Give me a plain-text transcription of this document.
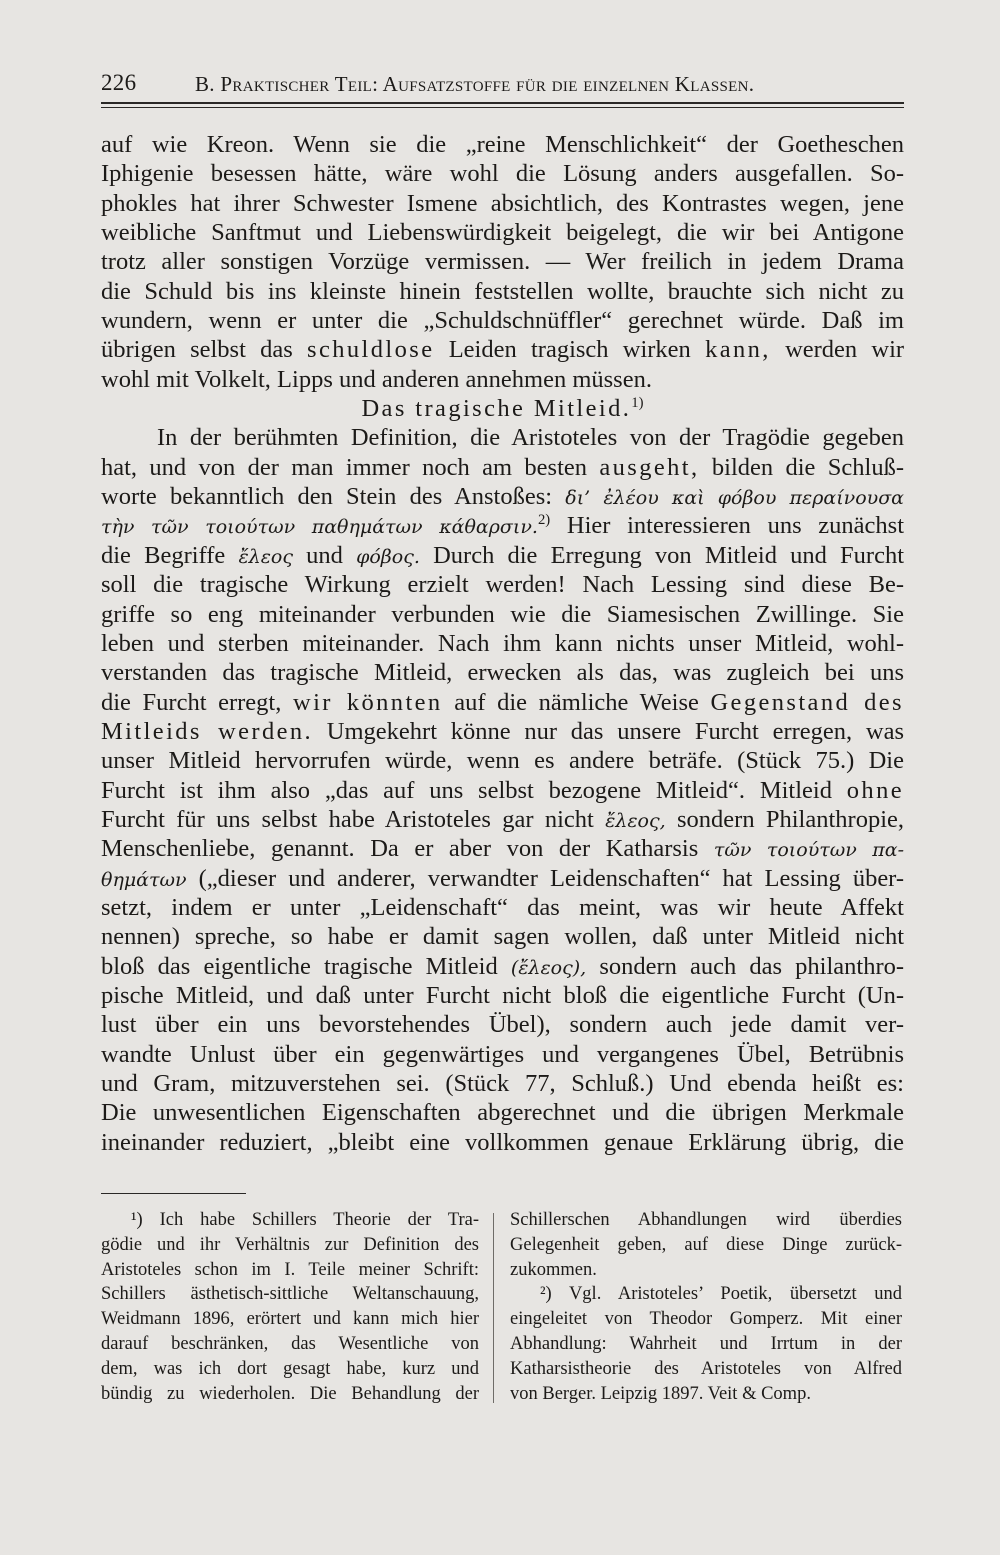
226	B. Praktischer Teil: Aufsatzstoffe für die einzelnen Klassen.
auf wie Kreon. Wenn sie die „reine Menschlichkeit“ der Goetheschen
Iphigenie besessen hätte, wäre wohl die Lösung anders ausgefallen. So-
phokles hat ihrer Schwester Ismene absichtlich, des Kontrastes wegen, jene
weibliche Sanftmut und Liebenswürdigkeit beigelegt, die wir bei Antigone
trotz aller sonstigen Vorzüge vermissen. — Wer freilich in jedem Drama
die Schuld bis ins kleinste hinein feststellen wollte, brauchte sich nicht zu
wundern, wenn er unter die „Schuldschnüffler“ gerechnet würde. Daß im
übrigen selbst das schuldlose Leiden tragisch wirken kann, werden wir
wohl mit Volkelt, Lipps und anderen annehmen müssen.
Das tragische Mitleid.$^{1)}$
In der berühmten Definition, die Aristoteles von der Tragödie gegeben
hat, und von der man immer noch am besten ausgeht, bilden die Schluß-
worte bekanntlich den Stein des Anstoßes: δι’ ἐλέου καὶ φόβου περαίνουσα
τὴν τῶν τοιούτων παθημάτων κάθαρσιν.$^{2)}$ Hier interessieren uns zunächst
die Begriffe ἔλεος und φόβος. Durch die Erregung von Mitleid und Furcht
soll die tragische Wirkung erzielt werden! Nach Lessing sind diese Be-
griffe so eng miteinander verbunden wie die Siamesischen Zwillinge. Sie
leben und sterben miteinander. Nach ihm kann nichts unser Mitleid, wohl-
verstanden das tragische Mitleid, erwecken als das, was zugleich bei uns
die Furcht erregt, wir könnten auf die nämliche Weise Gegenstand des
Mitleids werden. Umgekehrt könne nur das unsere Furcht erregen, was
unser Mitleid hervorrufen würde, wenn es andere beträfe. (Stück 75.) Die
Furcht ist ihm also „das auf uns selbst bezogene Mitleid“. Mitleid ohne
Furcht für uns selbst habe Aristoteles gar nicht ἔλεος, sondern Philanthropie,
Menschenliebe, genannt. Da er aber von der Katharsis τῶν τοιούτων πα-
θημάτων („dieser und anderer, verwandter Leidenschaften“ hat Lessing über-
setzt, indem er unter „Leidenschaft“ das meint, was wir heute Affekt
nennen) spreche, so habe er damit sagen wollen, daß unter Mitleid nicht
bloß das eigentliche tragische Mitleid (ἔλεος), sondern auch das philanthro-
pische Mitleid, und daß unter Furcht nicht bloß die eigentliche Furcht (Un-
lust über ein uns bevorstehendes Übel), sondern auch jede damit ver-
wandte Unlust über ein gegenwärtiges und vergangenes Übel, Betrübnis
und Gram, mitzuverstehen sei. (Stück 77, Schluß.) Und ebenda heißt es:
Die unwesentlichen Eigenschaften abgerechnet und die übrigen Merkmale
ineinander reduziert, „bleibt eine vollkommen genaue Erklärung übrig, die
¹) Ich habe Schillers Theorie der Tra-
gödie und ihr Verhältnis zur Definition des
Aristoteles schon im I. Teile meiner Schrift:
Schillers ästhetisch-sittliche Weltanschauung,
Weidmann 1896, erörtert und kann mich hier
darauf beschränken, das Wesentliche von
dem, was ich dort gesagt habe, kurz und
bündig zu wiederholen. Die Behandlung der
Schillerschen Abhandlungen wird überdies
Gelegenheit geben, auf diese Dinge zurück-
zukommen.
²) Vgl. Aristoteles’ Poetik, übersetzt und
eingeleitet von Theodor Gomperz. Mit einer
Abhandlung: Wahrheit und Irrtum in der
Katharsistheorie des Aristoteles von Alfred
von Berger. Leipzig 1897. Veit & Comp.
